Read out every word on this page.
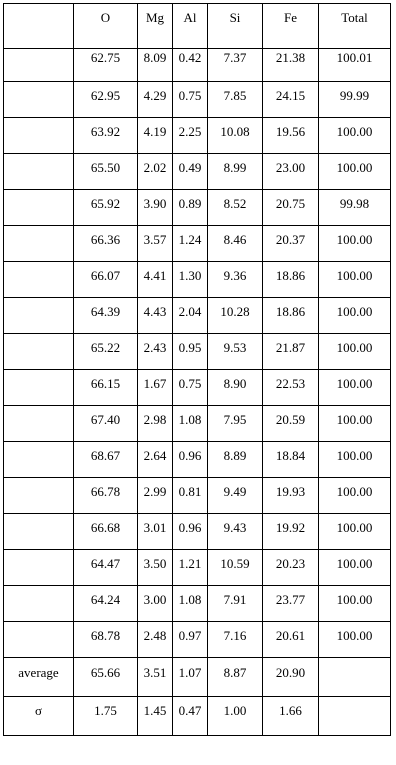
	O	Mg	Al	Si	Fe	Total
	62.75	8.09	0.42	7.37	21.38	100.01
	62.95	4.29	0.75	7.85	24.15	99.99
	63.92	4.19	2.25	10.08	19.56	100.00
	65.50	2.02	0.49	8.99	23.00	100.00
	65.92	3.90	0.89	8.52	20.75	99.98
	66.36	3.57	1.24	8.46	20.37	100.00
	66.07	4.41	1.30	9.36	18.86	100.00
	64.39	4.43	2.04	10.28	18.86	100.00
	65.22	2.43	0.95	9.53	21.87	100.00
	66.15	1.67	0.75	8.90	22.53	100.00
	67.40	2.98	1.08	7.95	20.59	100.00
	68.67	2.64	0.96	8.89	18.84	100.00
	66.78	2.99	0.81	9.49	19.93	100.00
	66.68	3.01	0.96	9.43	19.92	100.00
	64.47	3.50	1.21	10.59	20.23	100.00
	64.24	3.00	1.08	7.91	23.77	100.00
	68.78	2.48	0.97	7.16	20.61	100.00
average	65.66	3.51	1.07	8.87	20.90	
σ	1.75	1.45	0.47	1.00	1.66	
